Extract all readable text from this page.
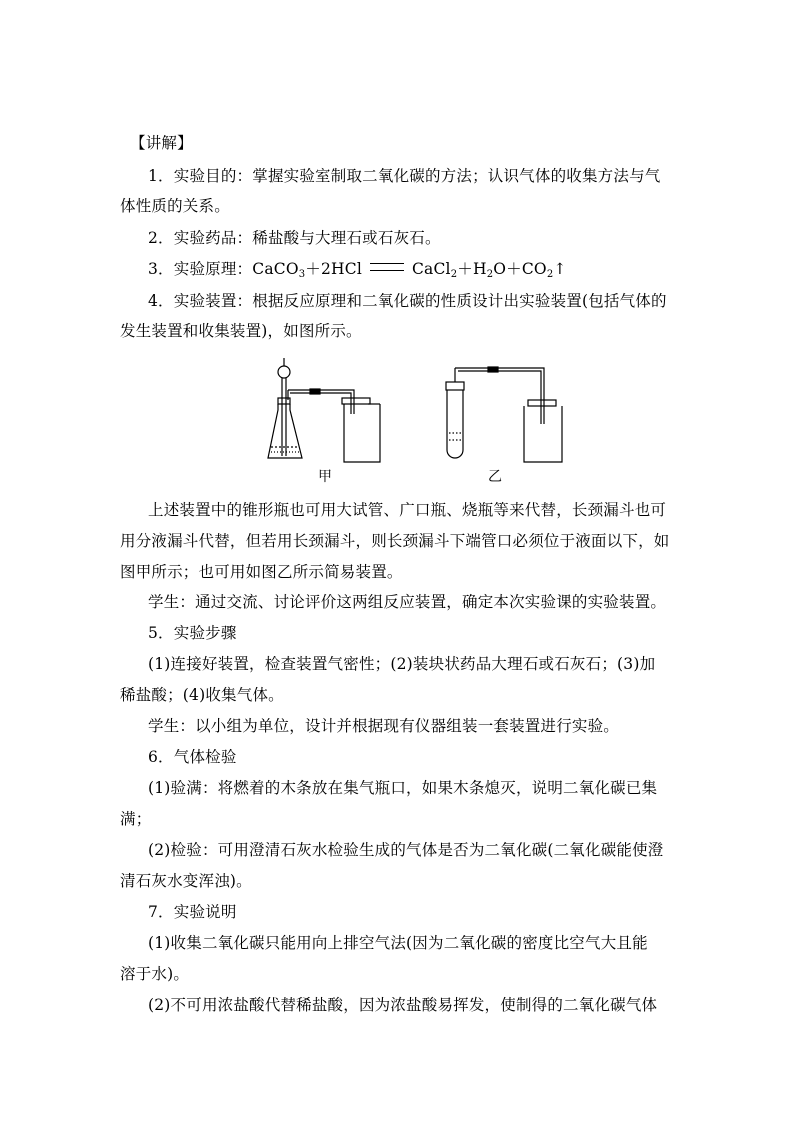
【讲解】
1．实验目的：掌握实验室制取二氧化碳的方法；认识气体的收集方法与气
体性质的关系。
2．实验药品：稀盐酸与大理石或石灰石。
3．实验原理：CaCO$_3$＋2HCl	$CaCl_2+H_2O+CO_2↑$
4．实验装置：根据反应原理和二氧化碳的性质设计出实验装置(包括气体的
发生装置和收集装置)，如图所示。
甲	乙
上述装置中的锥形瓶也可用大试管、广口瓶、烧瓶等来代替，长颈漏斗也可
用分液漏斗代替，但若用长颈漏斗，则长颈漏斗下端管口必须位于液面以下，如
图甲所示；也可用如图乙所示简易装置。
学生：通过交流、讨论评价这两组反应装置，确定本次实验课的实验装置。
5．实验步骤
(1)连接好装置，检查装置气密性；(2)装块状药品大理石或石灰石；(3)加
稀盐酸；(4)收集气体。
学生：以小组为单位，设计并根据现有仪器组装一套装置进行实验。
6．气体检验
(1)验满：将燃着的木条放在集气瓶口，如果木条熄灭，说明二氧化碳已集
满；
(2)检验：可用澄清石灰水检验生成的气体是否为二氧化碳(二氧化碳能使澄
清石灰水变浑浊)。
7．实验说明
(1)收集二氧化碳只能用向上排空气法(因为二氧化碳的密度比空气大且能
溶于水)。
(2)不可用浓盐酸代替稀盐酸，因为浓盐酸易挥发，使制得的二氧化碳气体
